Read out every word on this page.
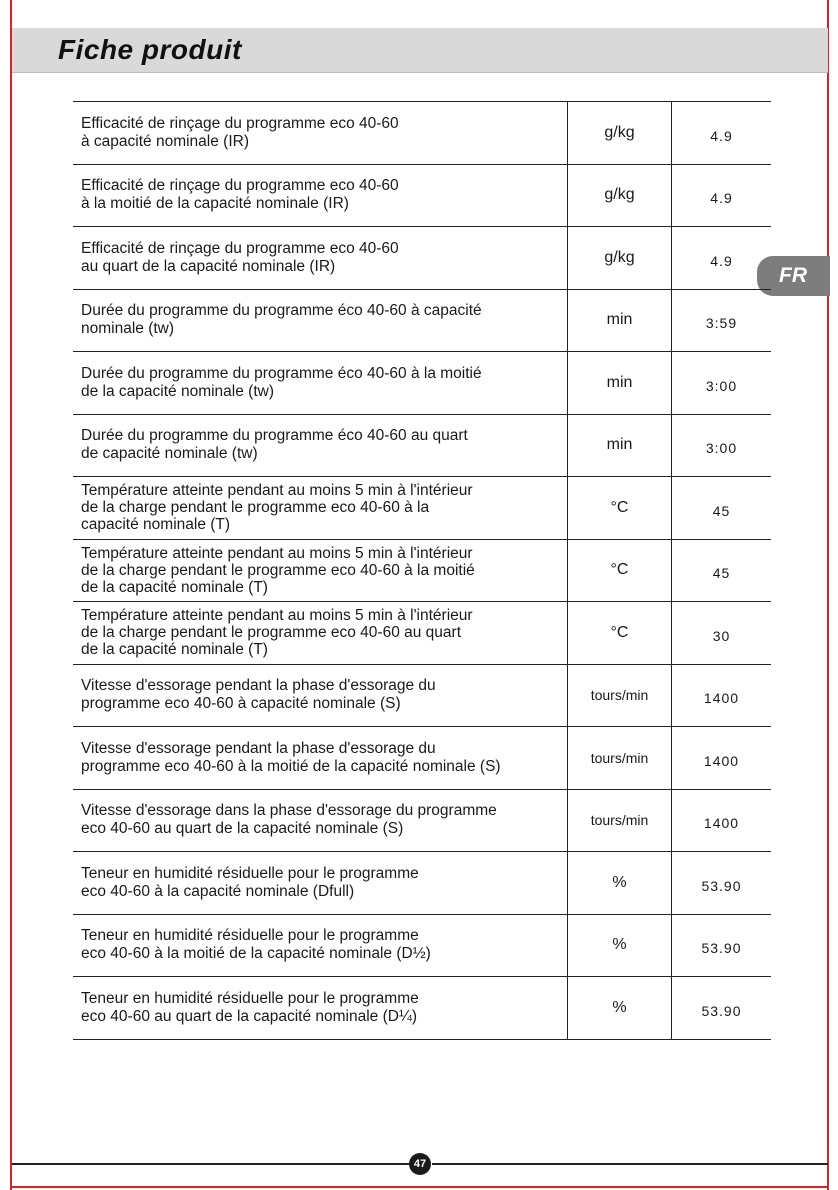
Fiche produit
FR
Efficacité de rinçage du programme eco 40-60
à capacité nominale (IR)	g/kg	4.9
Efficacité de rinçage du programme eco 40-60
à la moitié de la capacité nominale (IR)	g/kg	4.9
Efficacité de rinçage du programme eco 40-60
au quart de la capacité nominale (IR)	g/kg	4.9
Durée du programme du programme éco 40-60 à capacité
nominale (tw)	min	3:59
Durée du programme du programme éco 40-60 à la moitié
de la capacité nominale (tw)	min	3:00
Durée du programme du programme éco 40-60 au quart
de capacité nominale (tw)	min	3:00
Température atteinte pendant au moins 5 min à l'intérieur
de la charge pendant le programme eco 40-60 à la
capacité nominale (T)	°C	45
Température atteinte pendant au moins 5 min à l'intérieur
de la charge pendant le programme eco 40-60 à la moitié
de la capacité nominale (T)	°C	45
Température atteinte pendant au moins 5 min à l'intérieur
de la charge pendant le programme eco 40-60 au quart
de la capacité nominale (T)	°C	30
Vitesse d'essorage pendant la phase d'essorage du
programme eco 40-60 à capacité nominale (S)	tours/min	1400
Vitesse d'essorage pendant la phase d'essorage du
programme eco 40-60 à la moitié de la capacité nominale (S)	tours/min	1400
Vitesse d'essorage dans la phase d'essorage du programme
eco 40-60 au quart de la capacité nominale (S)	tours/min	1400
Teneur en humidité résiduelle pour le programme
eco 40-60 à la capacité nominale (Dfull)	%	53.90
Teneur en humidité résiduelle pour le programme
eco 40-60 à la moitié de la capacité nominale (D½)	%	53.90
Teneur en humidité résiduelle pour le programme
eco 40-60 au quart de la capacité nominale (D¼)	%	53.90
47
